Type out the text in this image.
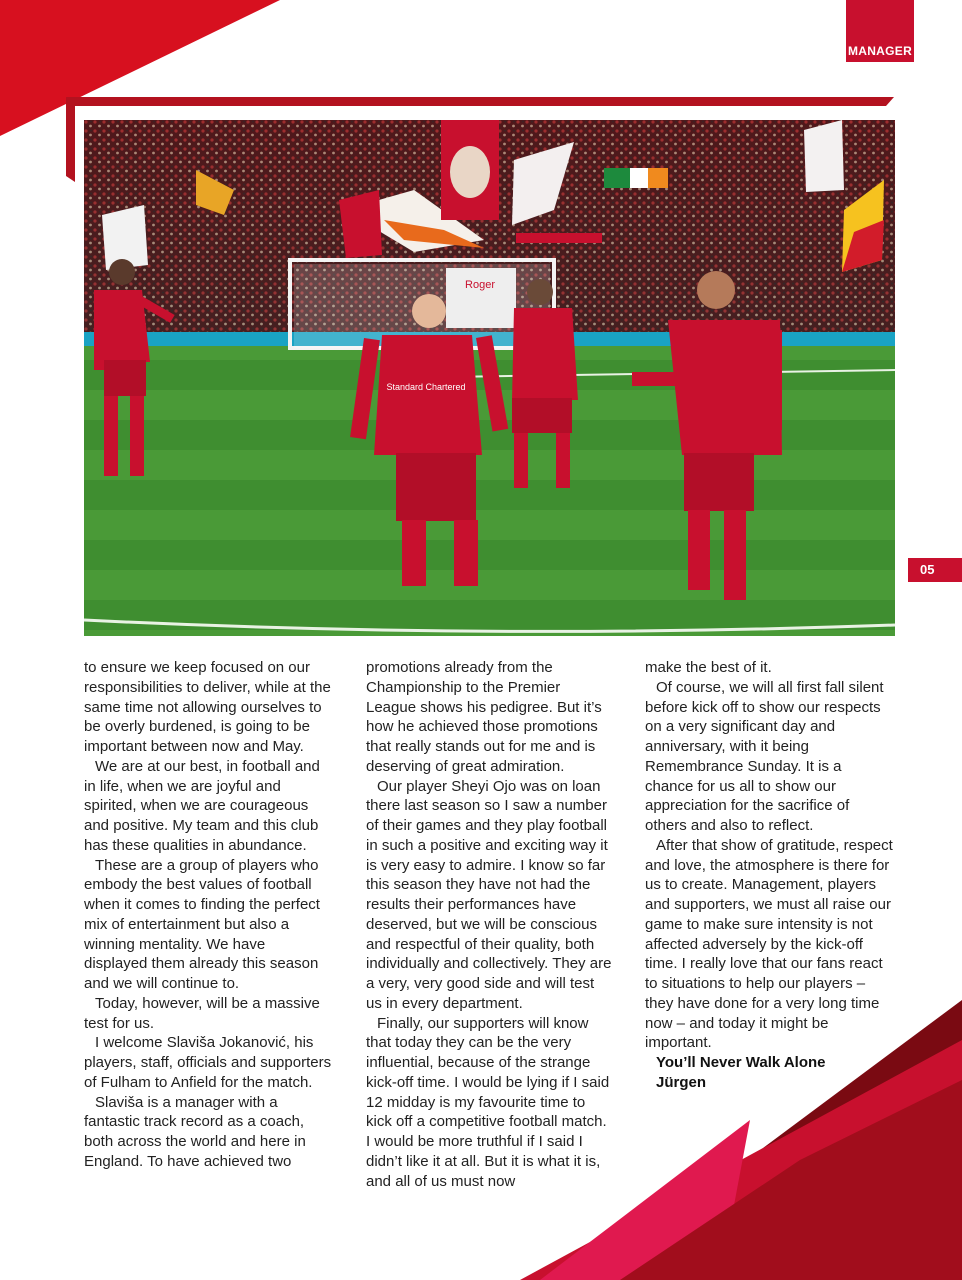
MANAGER
05
Roger
Standard Chartered

to ensure we keep focused on our responsibilities to deliver, while at the same time not allowing ourselves to be overly burdened, is going to be important between now and May.

We are at our best, in football and in life, when we are joyful and spirited, when we are courageous and positive. My team and this club has these qualities in abundance.

These are a group of players who embody the best values of football when it comes to finding the perfect mix of entertainment but also a winning mentality. We have displayed them already this season and we will continue to.

Today, however, will be a massive test for us.

I welcome Slaviša Jokanović, his players, staff, officials and supporters of Fulham to Anfield for the match.

Slaviša is a manager with a fantastic track record as a coach, both across the world and here in England. To have achieved two

promotions already from the Championship to the Premier League shows his pedigree. But it’s how he achieved those promotions that really stands out for me and is deserving of great admiration.

Our player Sheyi Ojo was on loan there last season so I saw a number of their games and they play football in such a positive and exciting way it is very easy to admire. I know so far this season they have not had the results their performances have deserved, but we will be conscious and respectful of their quality, both individually and collectively. They are a very, very good side and will test us in every department.

Finally, our supporters will know that today they can be the very influential, because of the strange kick-off time. I would be lying if I said 12 midday is my favourite time to kick off a competitive football match. I would be more truthful if I said I didn’t like it at all. But it is what it is, and all of us must now

make the best of it.

Of course, we will all first fall silent before kick off to show our respects on a very significant day and anniversary, with it being Remembrance Sunday. It is a chance for us all to show our appreciation for the sacrifice of others and also to reflect.

After that show of gratitude, respect and love, the atmosphere is there for us to create. Management, players and supporters, we must all raise our game to make sure intensity is not affected adversely by the kick-off time. I really love that our fans react to situations to help our players – they have done for a very long time now – and today it might be important.

You’ll Never Walk Alone

Jürgen
